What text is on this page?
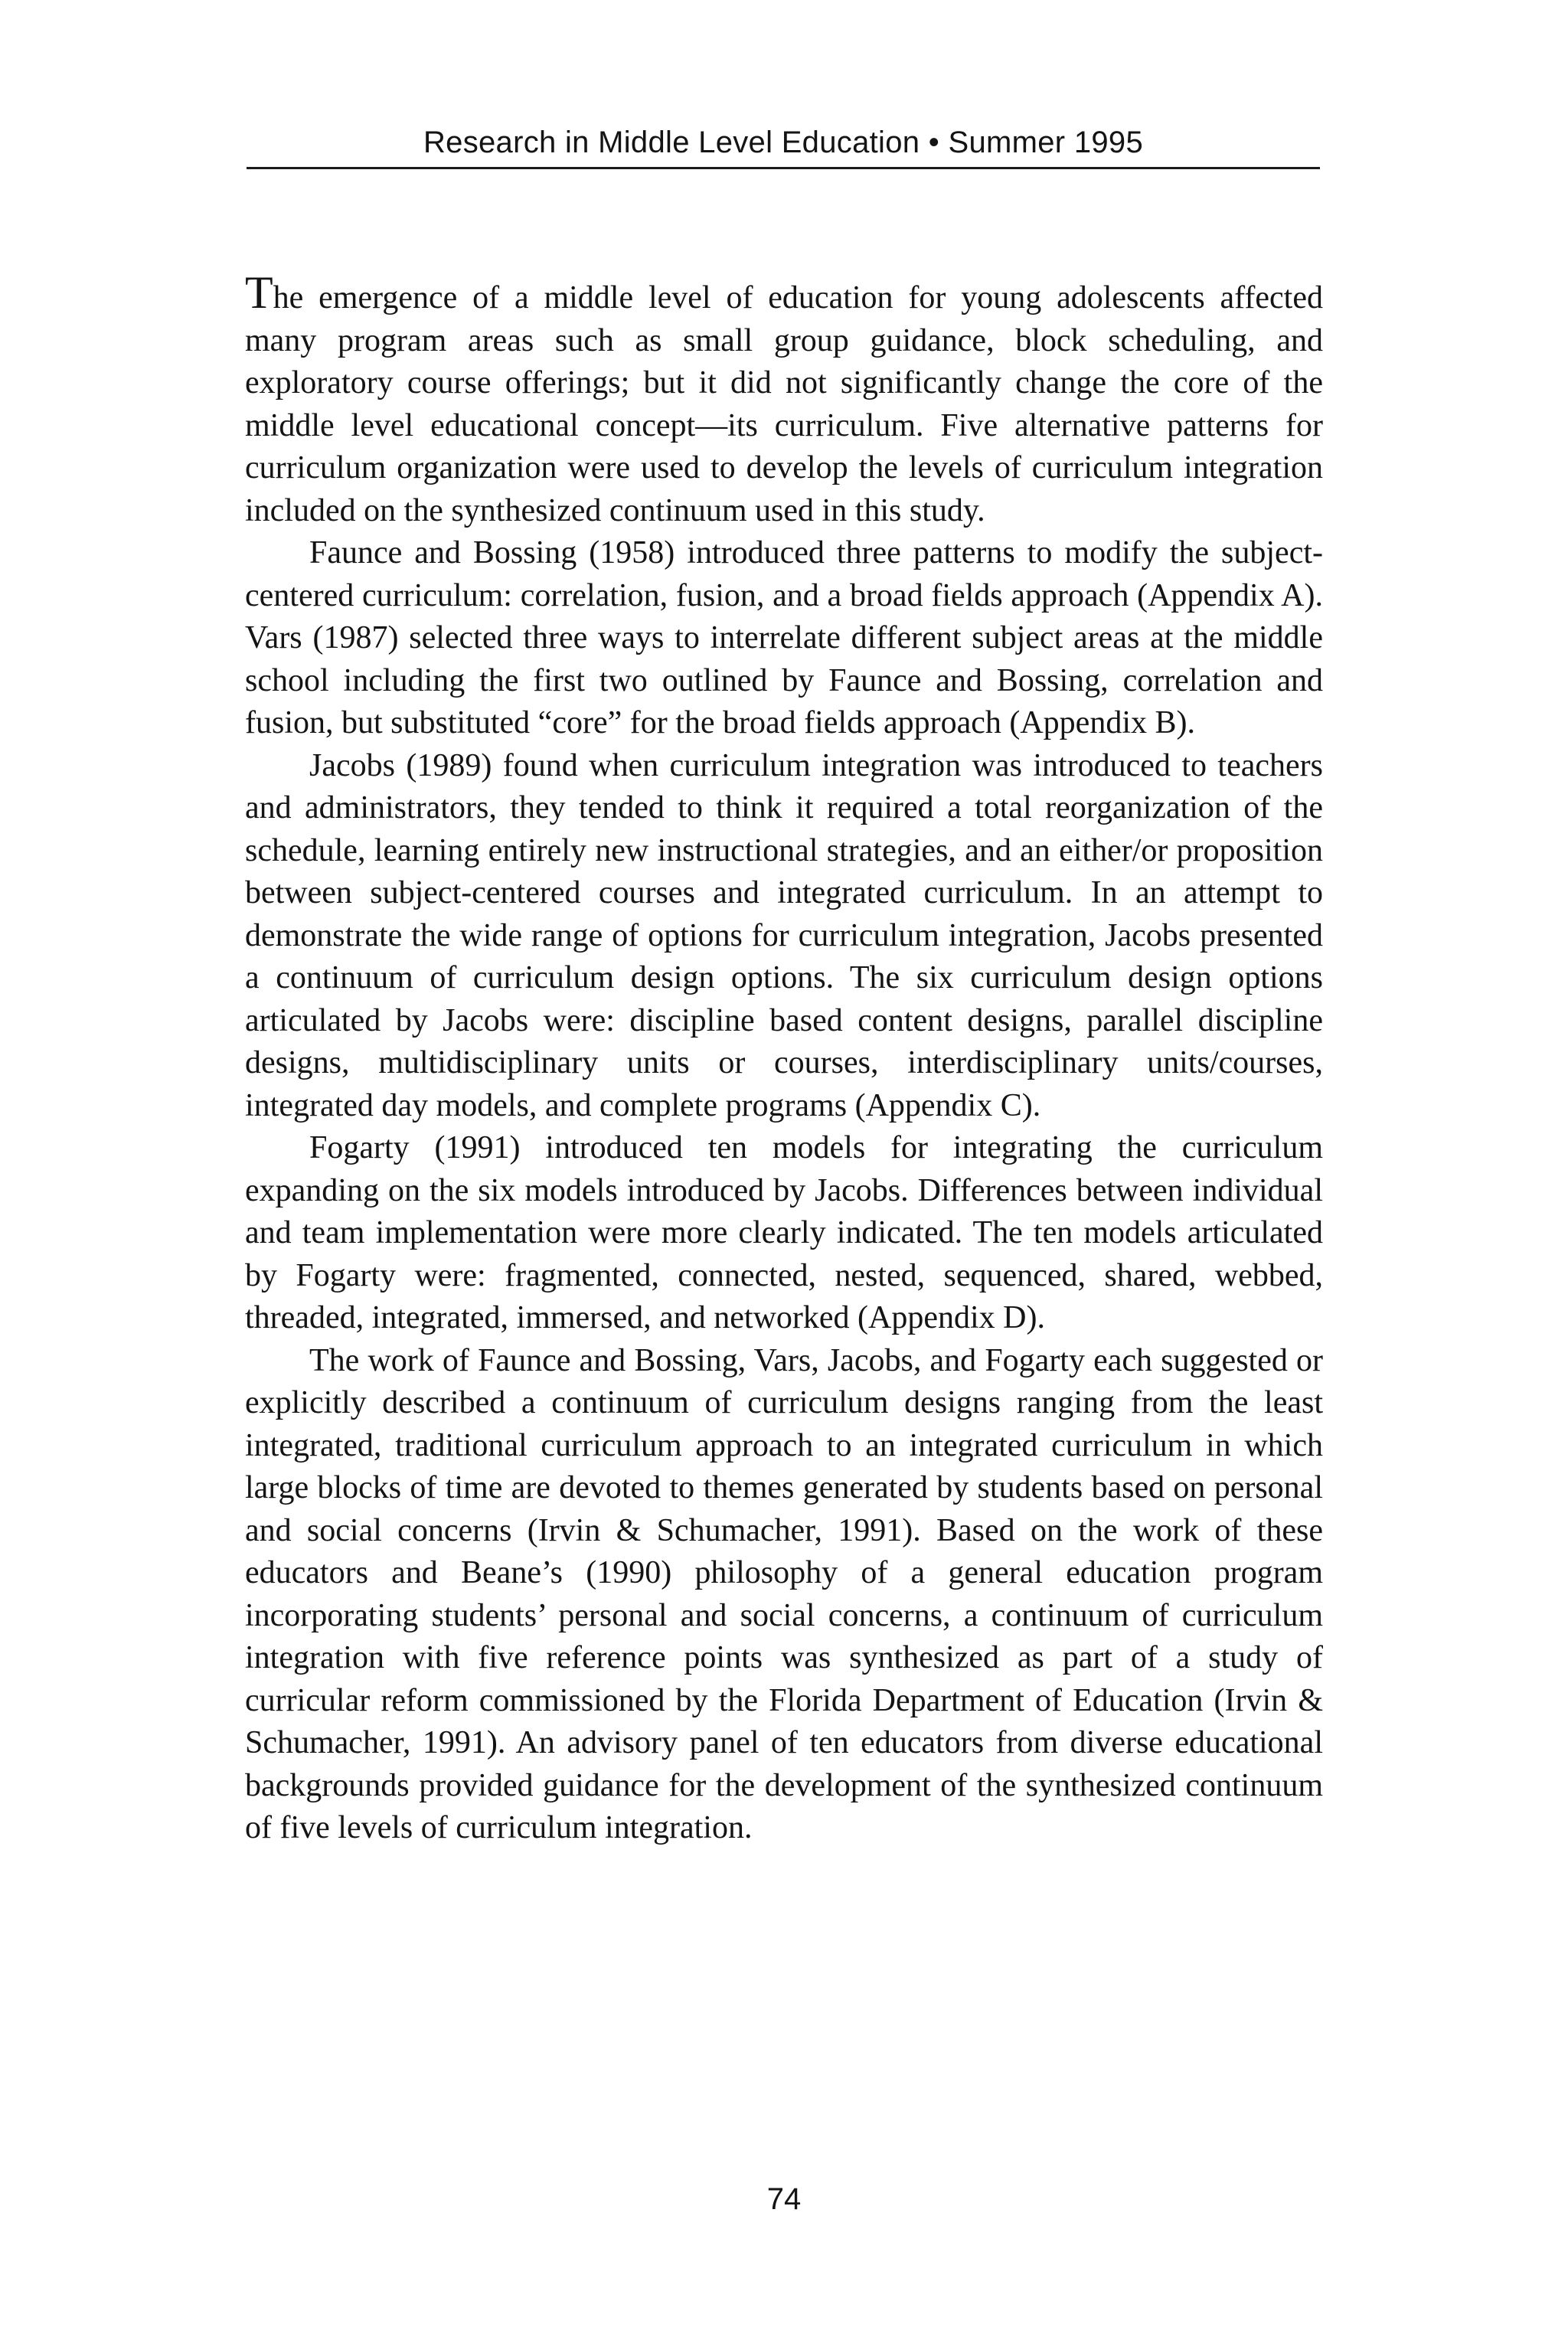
Research in Middle Level Education • Summer 1995

The emergence of a middle level of education for young adolescents affected many program areas such as small group guidance, block scheduling, and exploratory course offerings; but it did not significantly change the core of the middle level educational concept—its curriculum. Five alternative patterns for curriculum organization were used to develop the levels of curriculum integration included on the synthesized continuum used in this study.

Faunce and Bossing (1958) introduced three patterns to modify the subject-centered curriculum: correlation, fusion, and a broad fields approach (Appendix A). Vars (1987) selected three ways to interrelate different subject areas at the middle school including the first two outlined by Faunce and Bossing, correlation and fusion, but substituted “core” for the broad fields approach (Appendix B).

Jacobs (1989) found when curriculum integration was introduced to teachers and administrators, they tended to think it required a total reorganization of the schedule, learning entirely new instructional strategies, and an either/or proposition between subject-centered courses and integrated curriculum. In an attempt to demonstrate the wide range of options for curriculum integration, Jacobs presented a continuum of curriculum design options. The six curriculum design options articulated by Jacobs were: discipline based content designs, parallel discipline designs, multidisciplinary units or courses, interdisciplinary units/courses, integrated day models, and complete programs (Appendix C).

Fogarty (1991) introduced ten models for integrating the curriculum expanding on the six models introduced by Jacobs. Differences between individual and team implementation were more clearly indicated. The ten models articulated by Fogarty were: fragmented, connected, nested, sequenced, shared, webbed, threaded, integrated, immersed, and networked (Appendix D).

The work of Faunce and Bossing, Vars, Jacobs, and Fogarty each suggested or explicitly described a continuum of curriculum designs ranging from the least integrated, traditional curriculum approach to an integrated curriculum in which large blocks of time are devoted to themes generated by students based on personal and social concerns (Irvin & Schumacher, 1991). Based on the work of these educators and Beane’s (1990) philosophy of a general education program incorporating students’ personal and social concerns, a continuum of curriculum integration with five reference points was synthesized as part of a study of curricular reform commissioned by the Florida Department of Education (Irvin & Schumacher, 1991). An advisory panel of ten educators from diverse educational backgrounds provided guidance for the development of the synthesized continuum of five levels of curriculum integration.

74
